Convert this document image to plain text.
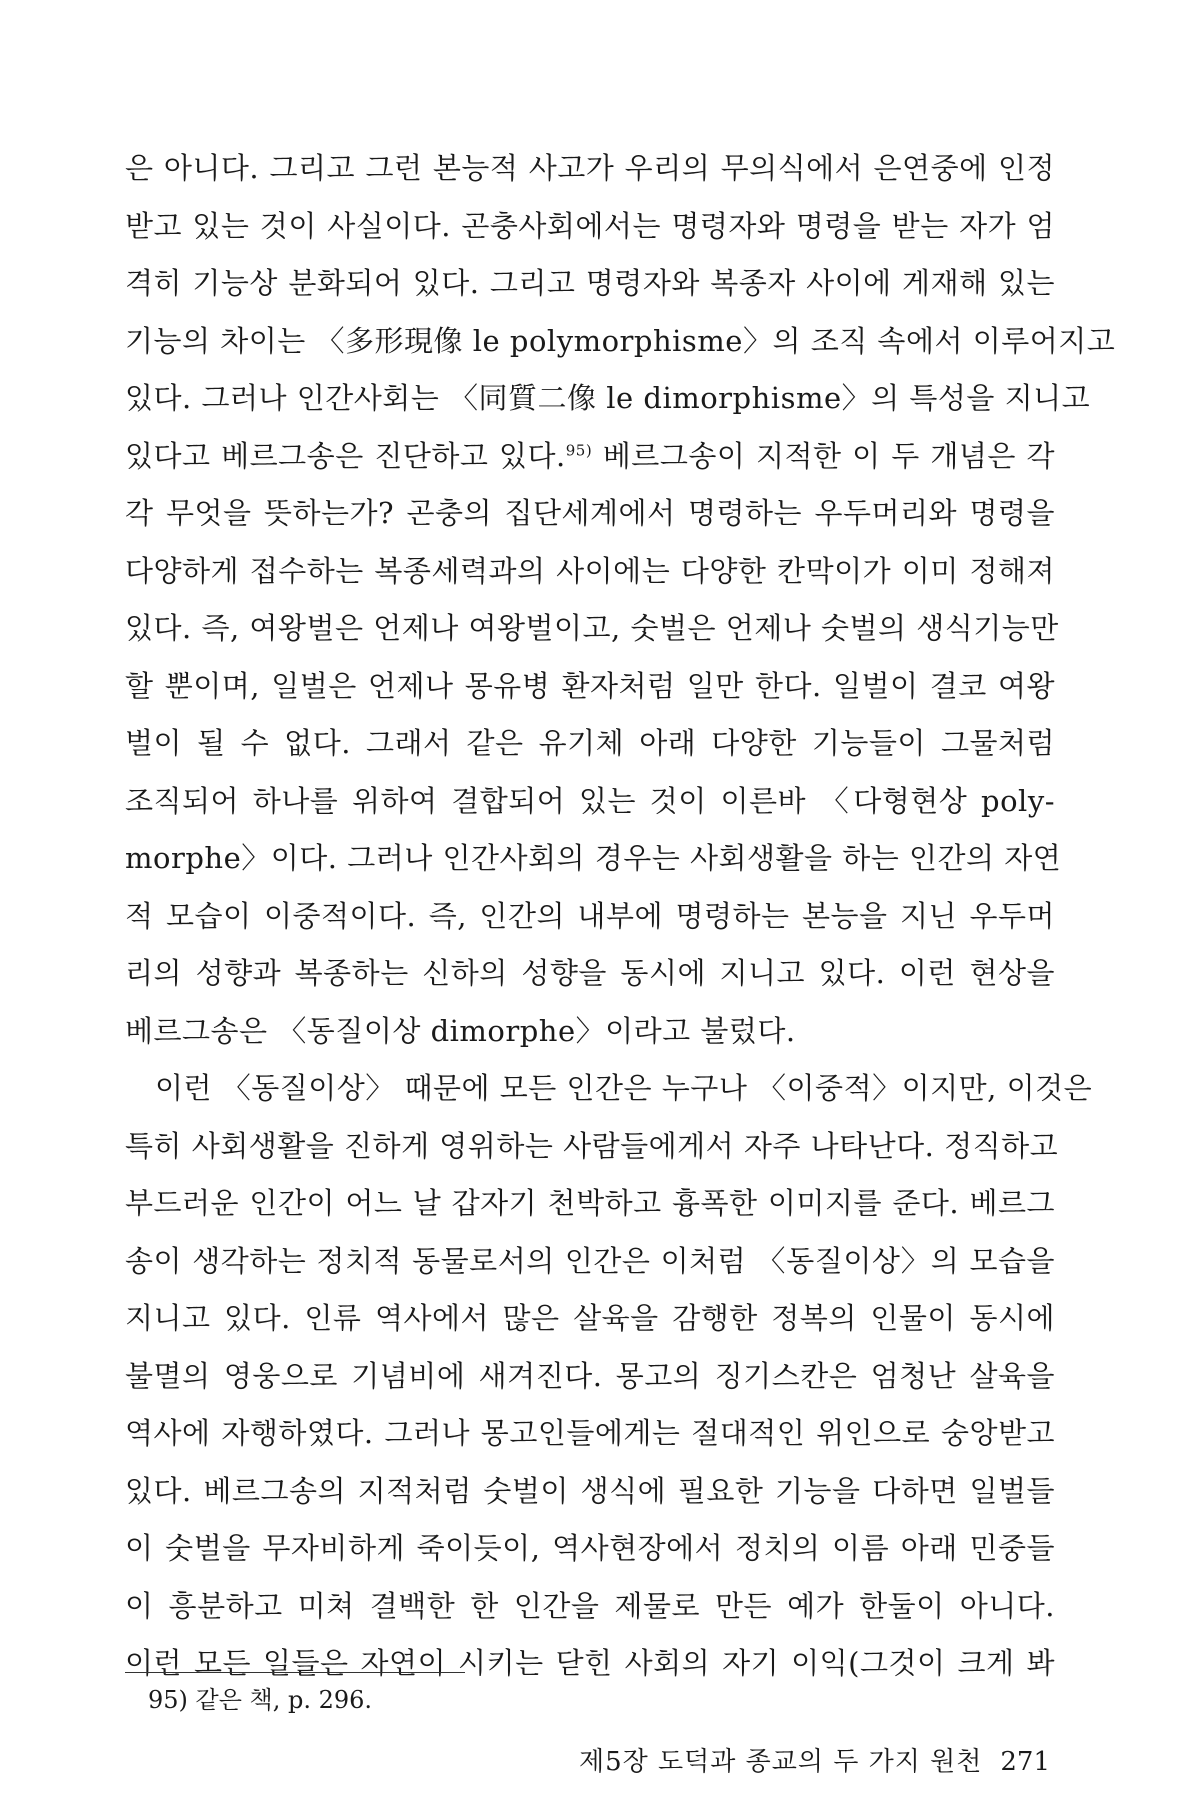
은 아니다. 그리고 그런 본능적 사고가 우리의 무의식에서 은연중에 인정
받고 있는 것이 사실이다. 곤충사회에서는 명령자와 명령을 받는 자가 엄
격히 기능상 분화되어 있다. 그리고 명령자와 복종자 사이에 게재해 있는
기능의 차이는 〈多形現像 le polymorphisme〉의 조직 속에서 이루어지고
있다. 그러나 인간사회는 〈同質二像 le dimorphisme〉의 특성을 지니고
있다고 베르그송은 진단하고 있다.$^{95)}$ 베르그송이 지적한 이 두 개념은 각
각 무엇을 뜻하는가? 곤충의 집단세계에서 명령하는 우두머리와 명령을
다양하게 접수하는 복종세력과의 사이에는 다양한 칸막이가 이미 정해져
있다. 즉, 여왕벌은 언제나 여왕벌이고, 숫벌은 언제나 숫벌의 생식기능만
할 뿐이며, 일벌은 언제나 몽유병 환자처럼 일만 한다. 일벌이 결코 여왕
벌이 될 수 없다. 그래서 같은 유기체 아래 다양한 기능들이 그물처럼
조직되어 하나를 위하여 결합되어 있는 것이 이른바 〈다형현상 poly-
morphe〉이다. 그러나 인간사회의 경우는 사회생활을 하는 인간의 자연
적 모습이 이중적이다. 즉, 인간의 내부에 명령하는 본능을 지닌 우두머
리의 성향과 복종하는 신하의 성향을 동시에 지니고 있다. 이런 현상을
베르그송은 〈동질이상 dimorphe〉이라고 불렀다.
이런 〈동질이상〉 때문에 모든 인간은 누구나 〈이중적〉이지만, 이것은
특히 사회생활을 진하게 영위하는 사람들에게서 자주 나타난다. 정직하고
부드러운 인간이 어느 날 갑자기 천박하고 흉폭한 이미지를 준다. 베르그
송이 생각하는 정치적 동물로서의 인간은 이처럼 〈동질이상〉의 모습을
지니고 있다. 인류 역사에서 많은 살육을 감행한 정복의 인물이 동시에
불멸의 영웅으로 기념비에 새겨진다. 몽고의 징기스칸은 엄청난 살육을
역사에 자행하였다. 그러나 몽고인들에게는 절대적인 위인으로 숭앙받고
있다. 베르그송의 지적처럼 숫벌이 생식에 필요한 기능을 다하면 일벌들
이 숫벌을 무자비하게 죽이듯이, 역사현장에서 정치의 이름 아래 민중들
이 흥분하고 미쳐 결백한 한 인간을 제물로 만든 예가 한둘이 아니다.
이런 모든 일들은 자연이 시키는 닫힌 사회의 자기 이익(그것이 크게 봐
95) 같은 책, p. 296.
제5장 도덕과 종교의 두 가지 원천 271
